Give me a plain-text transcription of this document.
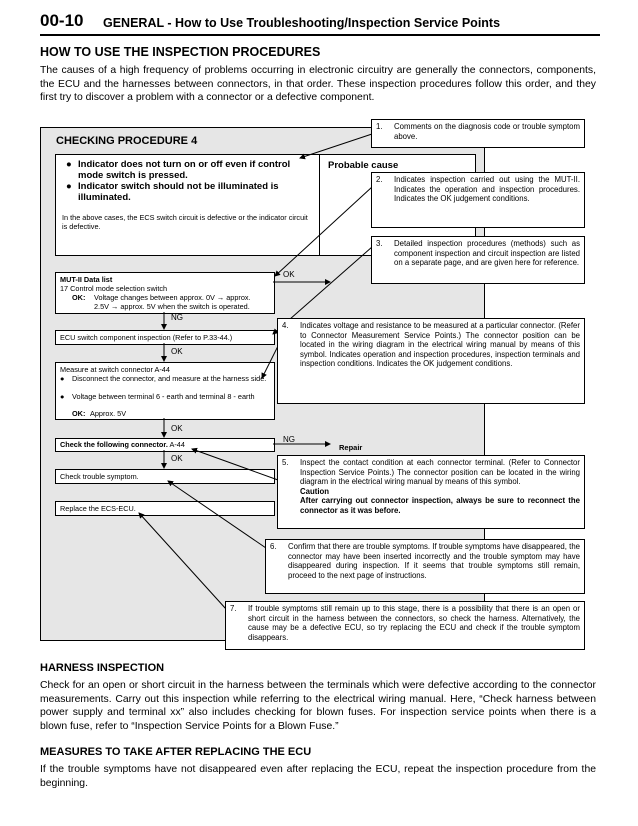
00-10 GENERAL - How to Use Troubleshooting/Inspection Service Points
HOW TO USE THE INSPECTION PROCEDURES
The causes of a high frequency of problems occurring in electronic circuitry are generally the connectors, components, the ECU and the harnesses between connectors, in that order. These inspection procedures follow this order, and they first try to discover a problem with a connector or a defective component.
CHECKING PROCEDURE 4
● Indicator does not turn on or off even if control mode switch is pressed.
● Indicator switch should not be illuminated is illuminated.
In the above cases, the ECS switch circuit is defective or the indicator circuit is defective.
Probable cause
MUT-II Data list
17 Control mode selection switch
OK: Voltage changes between approx. 0V → approx.
2.5V → approx. 5V when the switch is operated.
ECU switch component inspection (Refer to P.33-44.)
Measure at switch connector A-44
●	Disconnect the connector, and measure at the harness side.
●	Voltage between terminal 6 - earth and terminal 8 - earth
OK: Approx. 5V
Check the following connector. A-44
Check trouble symptom.
Replace the ECS-ECU.
NG
OK
OK
OK
OK
NG
Repair
1. Comments on the diagnosis code or trouble symptom above.
2. Indicates inspection carried out using the MUT-II. Indicates the operation and inspection procedures. Indicates the OK judgement conditions.
3. Detailed inspection procedures (methods) such as component inspection and circuit inspection are listed on a separate page, and are given here for reference.
4. Indicates voltage and resistance to be measured at a particular connector. (Refer to Connector Measurement Service Points.) The connector position can be located in the wiring diagram in the electrical wiring manual by means of this symbol. Indicates operation and inspection procedures, inspection terminals and inspection conditions. Indicates the OK judgement conditions.
5. Inspect the contact condition at each connector terminal. (Refer to Connector Inspection Service Points.) The connector position can be located in the wiring diagram in the electrical wiring manual by means of this symbol.
Caution
After carrying out connector inspection, always be sure to reconnect the connector as it was before.
6. Confirm that there are trouble symptoms. If trouble symptoms have disappeared, the connector may have been inserted incorrectly and the trouble symptom may have disappeared during inspection. If it seems that trouble symptoms still remain, proceed to the next page of instructions.
7. If trouble symptoms still remain up to this stage, there is a possibility that there is an open or short circuit in the harness between the connectors, so check the harness. Alternatively, the cause may be a defective ECU, so try replacing the ECU and check if the trouble symptom disappears.
HARNESS INSPECTION
Check for an open or short circuit in the harness between the terminals which were defective according to the connector measurements. Carry out this inspection while referring to the electrical wiring manual. Here, “Check harness between power supply and terminal xx” also includes checking for blown fuses. For inspection service points when there is a blown fuse, refer to “Inspection Service Points for a Blown Fuse.”
MEASURES TO TAKE AFTER REPLACING THE ECU
If the trouble symptoms have not disappeared even after replacing the ECU, repeat the inspection procedure from the beginning.
